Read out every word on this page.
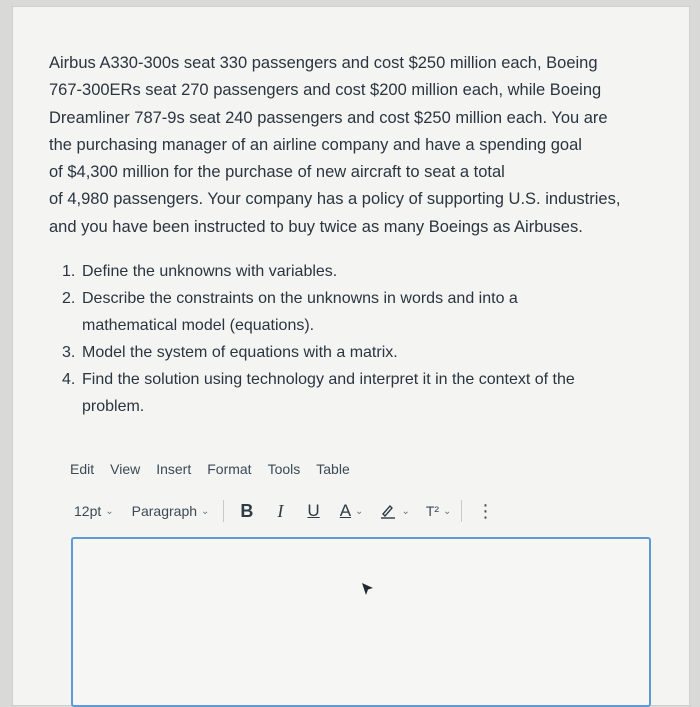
Airbus A330-300s seat 330 passengers and cost $250 million each, Boeing

767-300ERs seat 270 passengers and cost $200 million each, while Boeing

Dreamliner 787-9s seat 240 passengers and cost $250 million each. You are

the purchasing manager of an airline company and have a spending goal

of $4,300 million for the purchase of new aircraft to seat a total

of 4,980 passengers. Your company has a policy of supporting U.S. industries,

and you have been instructed to buy twice as many Boeings as Airbuses.

1. Define the unknowns with variables.
2. Describe the constraints on the unknowns in words and into a
mathematical model (equations).
3. Model the system of equations with a matrix.
4. Find the solution using technology and interpret it in the context of the
problem.
Edit View Insert Format Tools Table
12pt ⌄ Paragraph ⌄ B I U A ⌄	⌄ T² ⌄ ⋮
